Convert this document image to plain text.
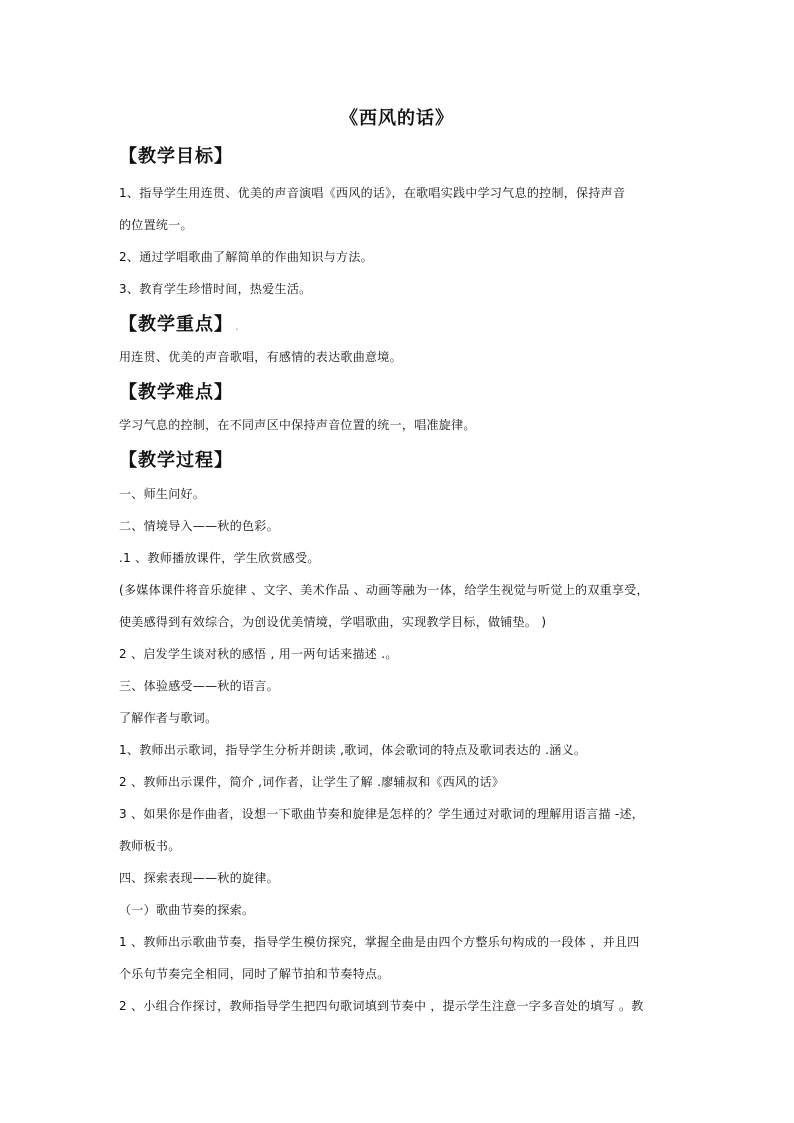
《西风的话》
【教学目标】

1、指导学生用连贯、优美的声音演唱《西风的话》，在歌唱实践中学习气息的控制，保持声音

的位置统一。

2、通过学唱歌曲了解简单的作曲知识与方法。

3、教育学生珍惜时间，热爱生活。

【教学重点】 .

用连贯、优美的声音歌唱，有感情的表达歌曲意境。

【教学难点】

学习气息的控制，在不同声区中保持声音位置的统一，唱准旋律。

【教学过程】

一、师生问好。

二、情境导入——秋的色彩。

.1 、教师播放课件，学生欣赏感受。

(多媒体课件将音乐旋律 、文字、美术作品 、动画等融为一体，给学生视觉与听觉上的双重享受，

使美感得到有效综合，为创设优美情境，学唱歌曲，实现教学目标，做铺垫。 )

2 、启发学生谈对秋的感悟 , 用一两句话来描述 .。

三、体验感受——秋的语言。

了解作者与歌词。

1、教师出示歌词，指导学生分析并朗读 ,歌词，体会歌词的特点及歌词表达的 .涵义。

2 、教师出示课件，简介 ,词作者，让学生了解 .廖辅叔和《西风的话》

3 、如果你是作曲者，设想一下歌曲节奏和旋律是怎样的？学生通过对歌词的理解用语言描 -述，

教师板书。

四、探索表现——秋的旋律。

（一）歌曲节奏的探索。

1 、教师出示歌曲节奏，指导学生模仿探究，掌握全曲是由四个方整乐句构成的一段体 ，并且四

个乐句节奏完全相同，同时了解节拍和节奏特点。

2 、小组合作探讨，教师指导学生把四句歌词填到节奏中 ，提示学生注意一字多音处的填写 。教
